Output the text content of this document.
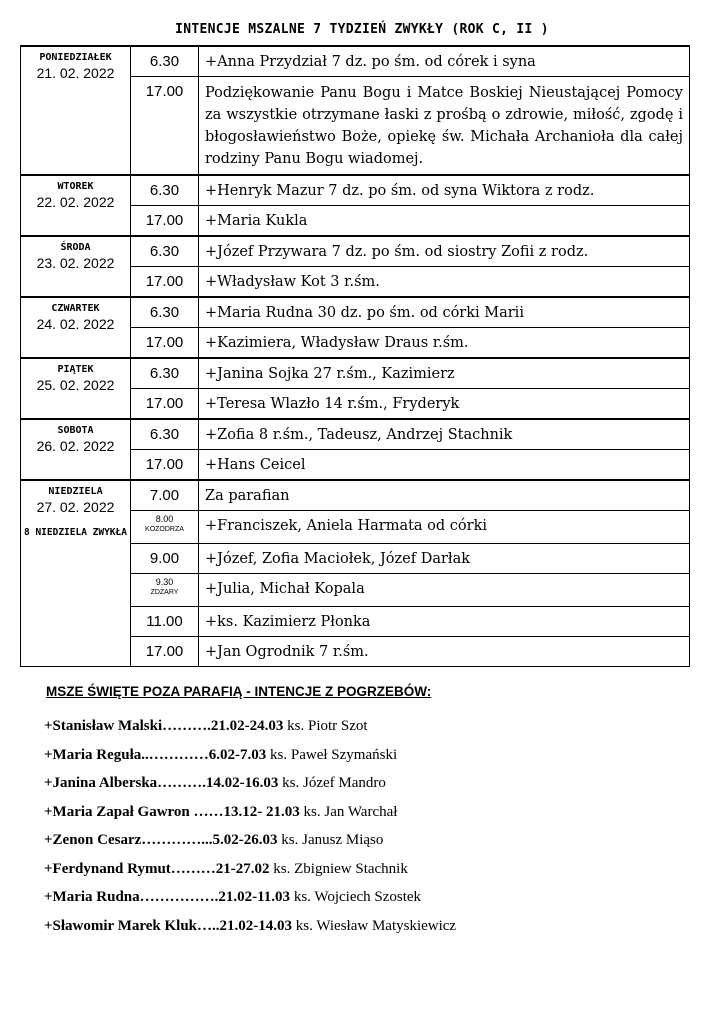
INTENCJE MSZALNE 7 TYDZIEŃ ZWYKŁY (ROK C, II )
PONIEDZIAŁEK
21. 02. 2022	6.30	+Anna Przydział 7 dz. po śm. od córek i syna
	17.00	Podziękowanie Panu Bogu i Matce Boskiej Nieustającej Pomocy za wszystkie otrzymane łaski z prośbą o zdrowie, miłość, zgodę i błogosławieństwo Boże, opiekę św. Michała Archanioła dla całej rodziny Panu Bogu wiadomej.

WTOREK
22. 02. 2022	6.30	+Henryk Mazur 7 dz. po śm. od syna Wiktora z rodz.
	17.00	+Maria Kukla

ŚRODA
23. 02. 2022	6.30	+Józef Przywara 7 dz. po śm. od siostry Zofii z rodz.
	17.00	+Władysław Kot 3 r.śm.

CZWARTEK
24. 02. 2022	6.30	+Maria Rudna 30 dz. po śm. od córki Marii
	17.00	+Kazimiera, Władysław Draus r.śm.

PIĄTEK
25. 02. 2022	6.30	+Janina Sojka 27 r.śm., Kazimierz
	17.00	+Teresa Wlazło 14 r.śm., Fryderyk

SOBOTA
26. 02. 2022	6.30	+Zofia 8 r.śm., Tadeusz, Andrzej Stachnik
	17.00	+Hans Ceicel

NIEDZIELA
27. 02. 2022
8 NIEDZIELA ZWYKŁA	7.00	Za parafian

	8.00
KOZODRZA	+Franciszek, Aniela Harmata od córki
	9.00	+Józef, Zofia Maciołek, Józef Darłak

	9.30
ZDŻARY	+Julia, Michał Kopala
	11.00	+ks. Kazimierz Płonka
	17.00	+Jan Ogrodnik 7 r.śm.
MSZE ŚWIĘTE POZA PARAFIĄ - INTENCJE Z POGRZEBÓW:
+Stanisław Malski……….21.02-24.03 ks. Piotr Szot
+Maria Reguła..…………6.02-7.03 ks. Paweł Szymański
+Janina Alberska……….14.02-16.03 ks. Józef Mandro
+Maria Zapał Gawron ……13.12- 21.03 ks. Jan Warchał
+Zenon Cesarz…………...5.02-26.03 ks. Janusz Miąso
+Ferdynand Rymut………21-27.02 ks. Zbigniew Stachnik
+Maria Rudna…………….21.02-11.03 ks. Wojciech Szostek
+Sławomir Marek Kluk…..21.02-14.03 ks. Wiesław Matyskiewicz
